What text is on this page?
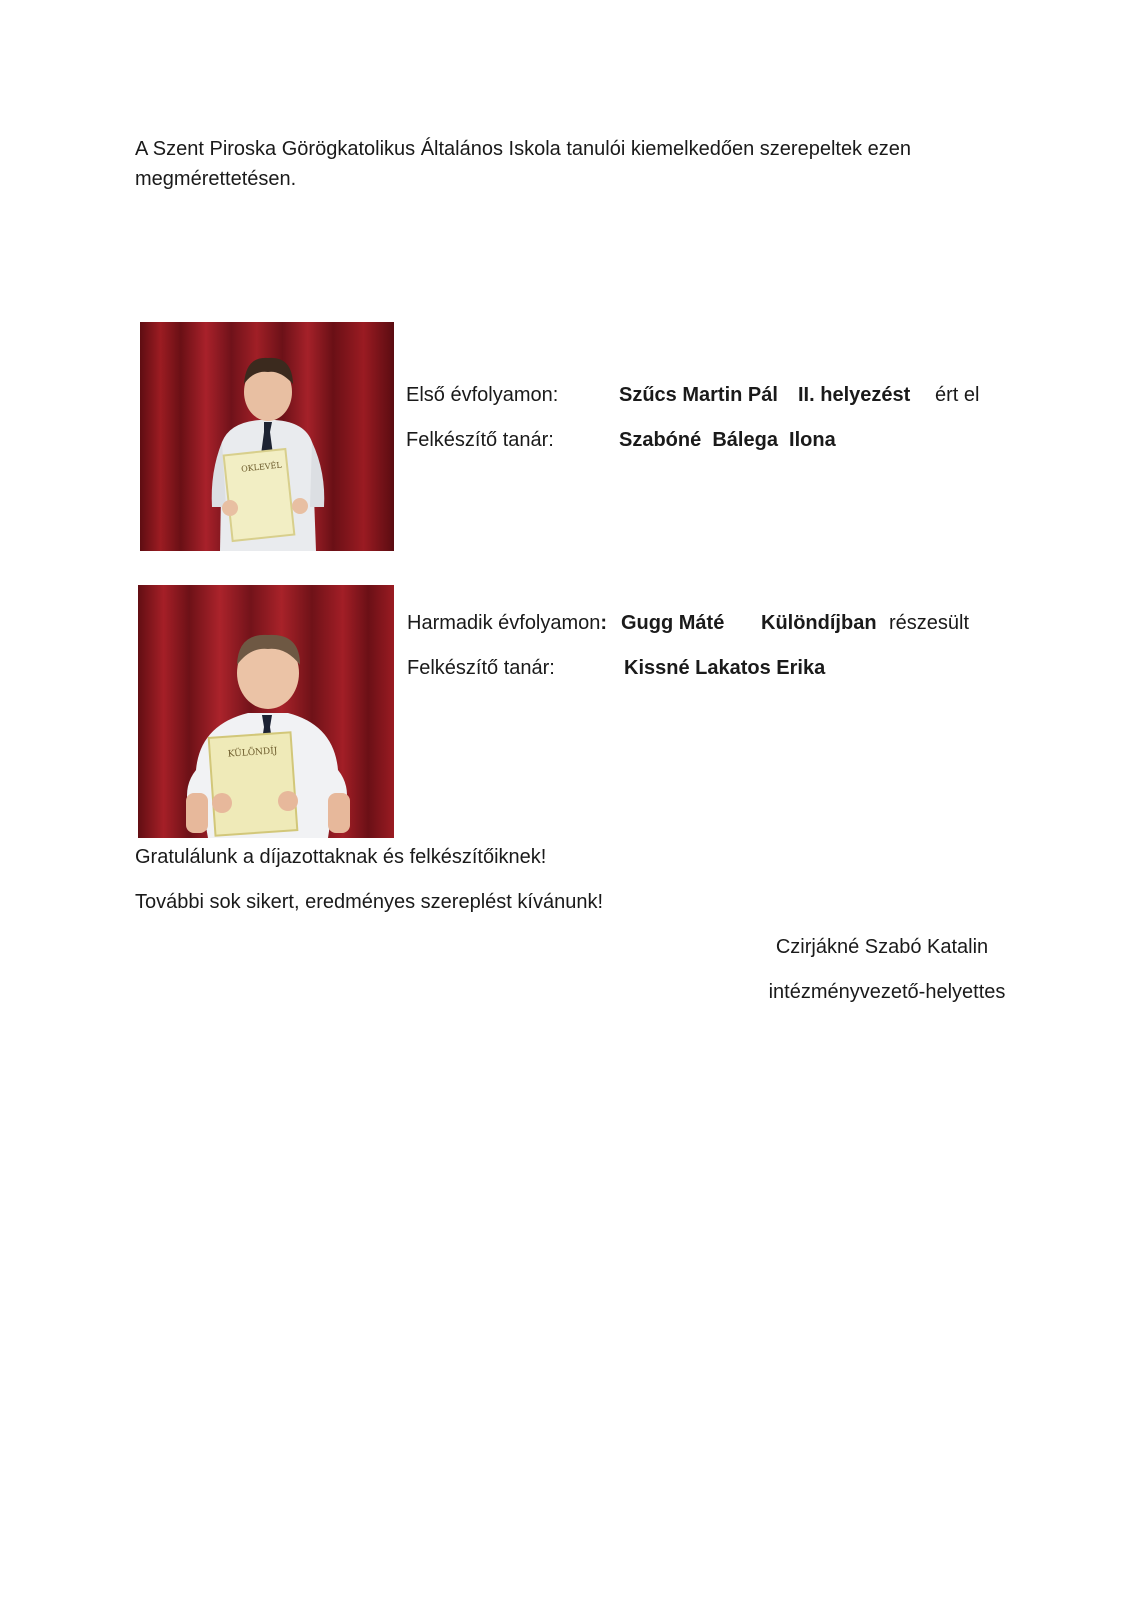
A Szent Piroska Görögkatolikus Általános Iskola tanulói kiemelkedően szerepeltek ezen megmérettetésen.
OKLEVÉL
Első évfolyamon:	Szűcs Martin Pál II. helyezést ért el
Felkészítő tanár:	Szabóné  Bálega  Ilona
KÜLÖNDÍJ
Harmadik évfolyamon: Gugg Máté Különdíjban részesült
Felkészítő tanár:	Kissné Lakatos Erika
Gratulálunk a díjazottaknak és felkészítőiknek!
További sok sikert, eredményes szereplést kívánunk!
Czirjákné Szabó Katalin
intézményvezető-helyettes
